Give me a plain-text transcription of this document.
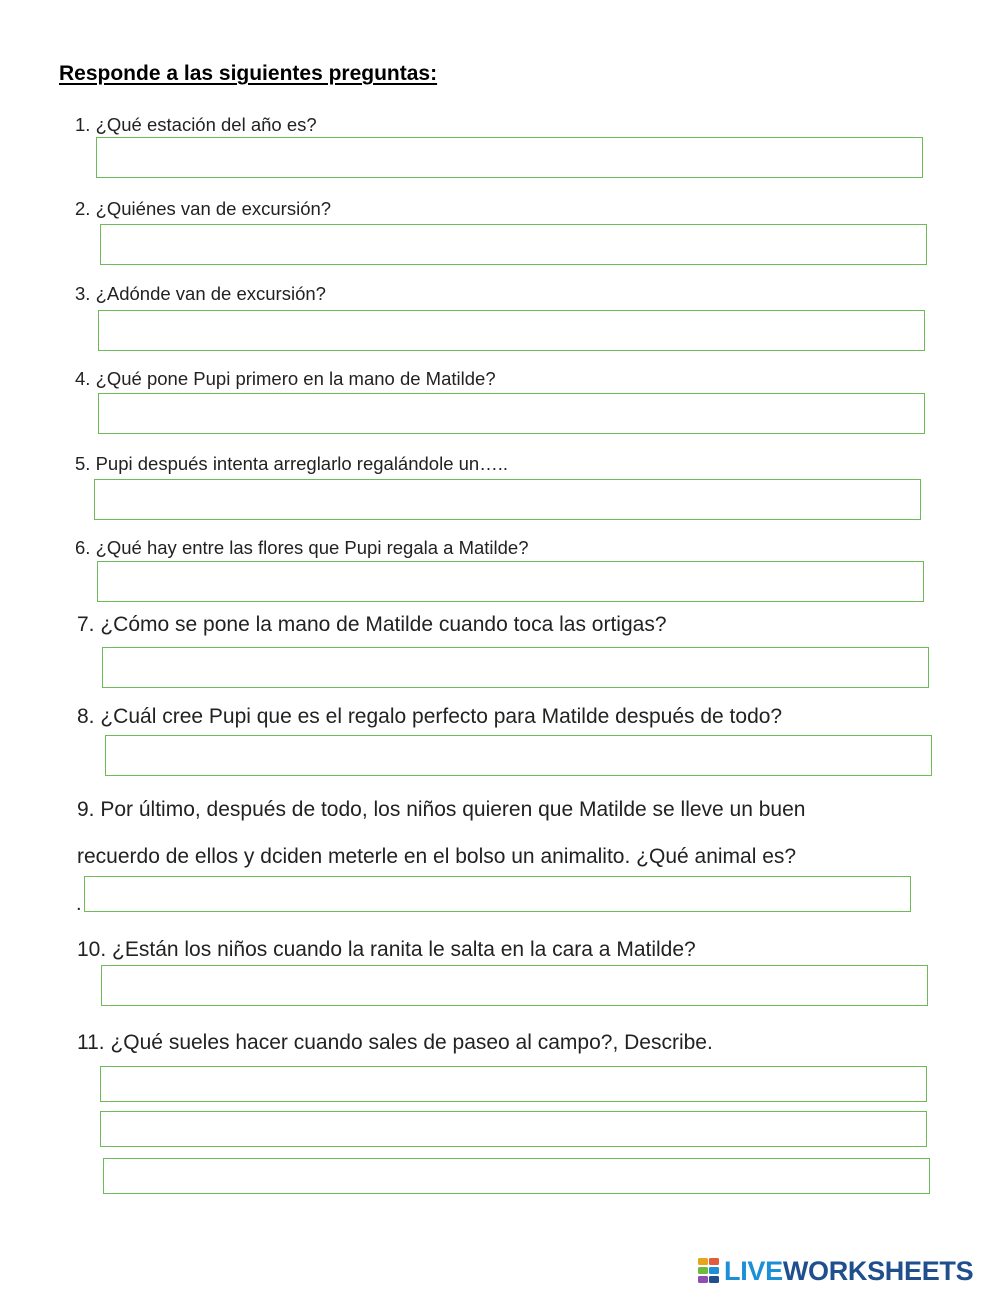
Responde a las siguientes preguntas:
1. ¿Qué estación del año es?
2. ¿Quiénes van de excursión?
3. ¿Adónde van de excursión?
4. ¿Qué pone Pupi primero en la mano de Matilde?
5. Pupi después intenta arreglarlo regalándole un…..
6. ¿Qué hay entre las flores que Pupi regala a Matilde?
7. ¿Cómo se pone la mano de Matilde cuando toca las ortigas?
8. ¿Cuál cree Pupi que es el regalo perfecto para Matilde después de todo?
9. Por último, después de todo, los niños quieren que Matilde se lleve un buen
recuerdo de ellos y dciden meterle en el bolso un animalito. ¿Qué animal es?
.
10. ¿Están los niños cuando la ranita le salta en la cara a Matilde?
11. ¿Qué sueles hacer cuando sales de paseo al campo?, Describe.
LIVEWORKSHEETS
